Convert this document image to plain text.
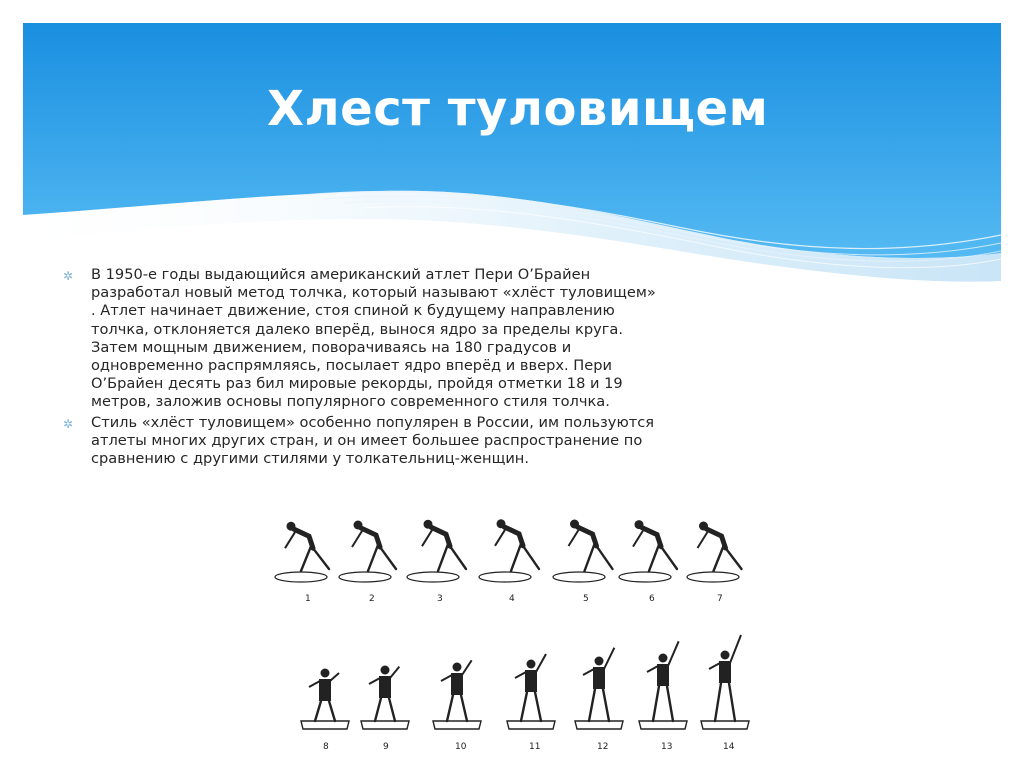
Хлест туловищем
✲ В 1950-е годы выдающийся американский атлет Пери О’Брайен
разработал новый метод толчка, который называют «хлёст туловищем»
. Атлет начинает движение, стоя спиной к будущему направлению
толчка, отклоняется далеко вперёд, вынося ядро за пределы круга.
Затем мощным движением, поворачиваясь на 180 градусов и
одновременно распрямляясь, посылает ядро вперёд и вверх. Пери
О’Брайен десять раз бил мировые рекорды, пройдя отметки 18 и 19
метров, заложив основы популярного современного стиля толчка.
✲ Стиль «хлёст туловищем» особенно популярен в России, им пользуются
атлеты многих других стран, и он имеет большее распространение по
сравнению с другими стилями у толкательниц-женщин.
1	2	3	4	5	6	7
8	9	10	11	12	13	14
